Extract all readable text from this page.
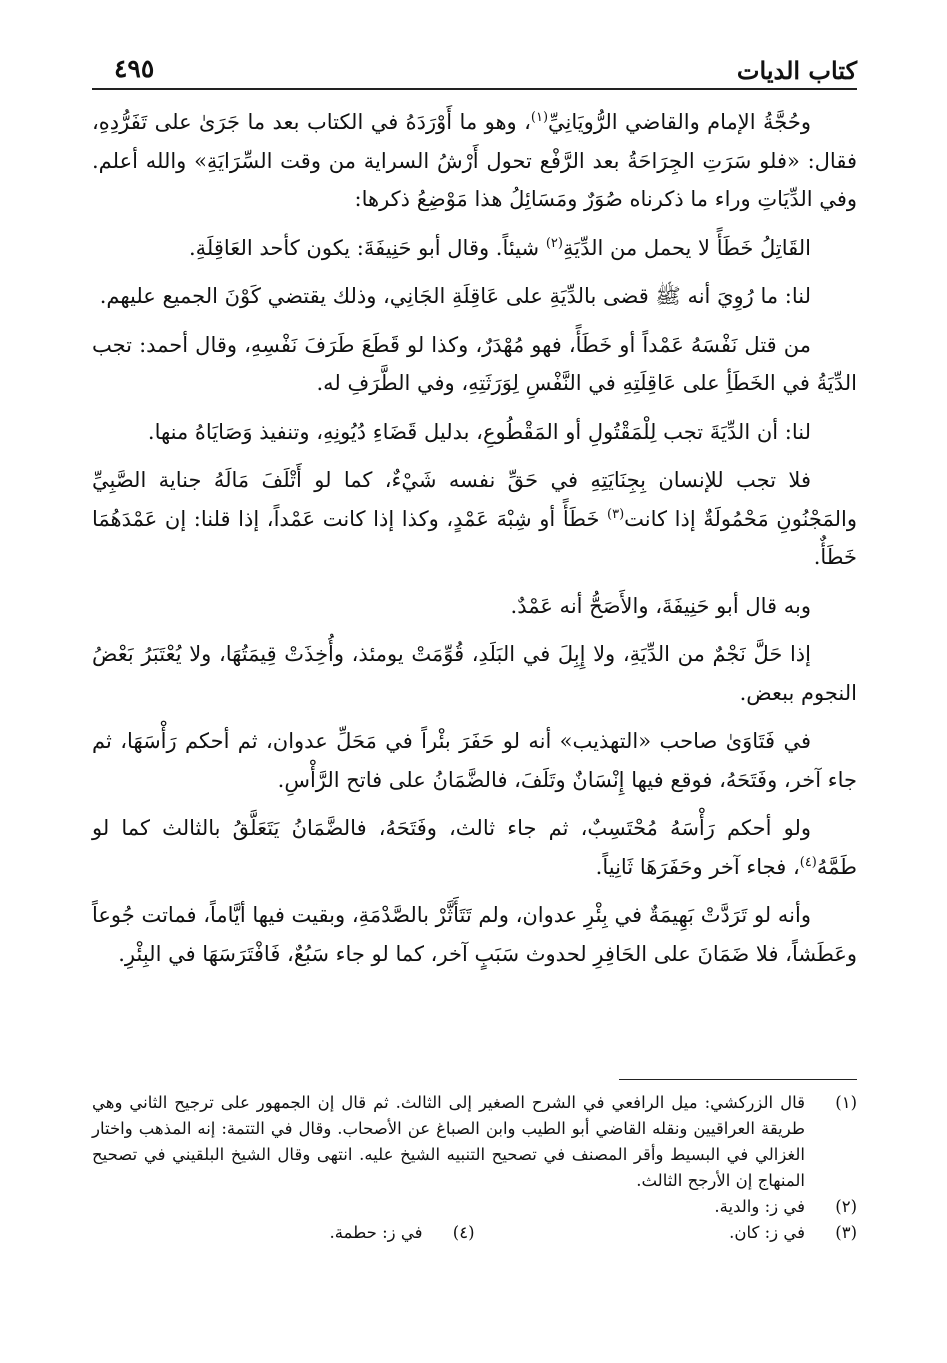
كتاب الديات
٤٩٥

وحُجَّةُ الإمام والقاضي الرُّويَانِيِّ$^{(١)}$، وهو ما أَوْرَدَهُ في الكتاب بعد ما جَرَىٰ على تَفَرُّدِهِ، فقال: «فلو سَرَتِ الجِرَاحَةُ بعد الرَّفْع تحول أَرْشُ السراية من وقت السِّرَايَةِ» والله أعلم. وفي الدِّيَاتِ وراء ما ذكرناه صُوَرٌ ومَسَائِلُ هذا مَوْضِعُ ذكرها:

القَاتِلُ خَطَأً لا يحمل من الدِّيَةِ$^{(٢)}$ شيئاً. وقال أبو حَنِيفَةَ: يكون كأحد العَاقِلَةِ.

لنا: ما رُوِيَ أنه ﷺ قضى بالدِّيَةِ على عَاقِلَةِ الجَانِي، وذلك يقتضي كَوْنَ الجميع عليهم.

من قتل نَفْسَهُ عَمْداً أو خَطَأً، فهو مُهْدَرٌ، وكذا لو قَطَعَ طَرَفَ نَفْسِهِ، وقال أحمد: تجب الدِّيَةُ في الخَطَأِ على عَاقِلَتِهِ في النَّفْسِ لِوَرَثَتِهِ، وفي الطَّرَفِ له.

لنا: أن الدِّيَةَ تجب لِلْمَقْتُولِ أو المَقْطُوعِ، بدليل قَضَاءِ دُيُونِهِ، وتنفيذ وَصَايَاهُ منها.

فلا تجب للإنسان بِجِنَايَتِهِ في حَقِّ نفسه شَيْءٌ، كما لو أَتْلَفَ مَالَهُ جناية الصَّبِيِّ والمَجْنُونِ مَحْمُولَةٌ إذا كانت$^{(٣)}$ خَطَأً أو شِبْهَ عَمْدٍ، وكذا إذا كانت عَمْداً، إذا قلنا: إن عَمْدَهُمَا خَطَأٌ.

وبه قال أبو حَنِيفَةَ، والأَصَحُّ أنه عَمْدٌ.

إذا حَلَّ نَجْمٌ من الدِّيَةِ، ولا إِبِلَ في البَلَدِ، قُوِّمَتْ يومئذ، وأُخِذَتْ قِيمَتُهَا، ولا يُعْتَبَرُ بَعْضُ النجوم ببعض.

في فَتَاوَىٰ صاحب «التهذيب» أنه لو حَفَرَ بئْراً في مَحَلِّ عدوان، ثم أحكم رَأْسَهَا، ثم جاء آخر، وفَتَحَهُ، فوقع فيها إِنْسَانٌ وتَلَفَ، فالضَّمَانُ على فاتح الرَّأْسِ.

ولو أحكم رَأْسَهُ مُحْتَسِبٌ، ثم جاء ثالث، وفَتَحَهُ، فالضَّمَانُ يَتَعَلَّقُ بالثالث كما لو طَمَّهُ$^{(٤)}$، فجاء آخر وحَفَرَهَا ثَانِياً.

وأنه لو تَرَدَّتْ بَهِيمَةٌ في بِئْرِ عدوان، ولم تَتَأَثَّرْ بالصَّدْمَةِ، وبقيت فيها أيَّاماً، فماتت جُوعاً وعَطَشاً، فلا ضَمَانَ على الحَافِرِ لحدوث سَبَبٍ آخر، كما لو جاء سَبُعٌ، فَافْتَرَسَهَا في البِئْرِ.

(١)
قال الزركشي: ميل الرافعي في الشرح الصغير إلى الثالث. ثم قال إن الجمهور على ترجيح الثاني وهي طريقة العراقيين ونقله القاضي أبو الطيب وابن الصباغ عن الأصحاب. وقال في التتمة: إنه المذهب واختار الغزالي في البسيط وأقر المصنف في تصحيح التنبيه الشيخ عليه. انتهى وقال الشيخ البلقيني في تصحيح المنهاج إن الأرجح الثالث.
(٢)
في ز: والدية.
(٣)
في ز: كان.
(٤)
في ز: حطمة.
